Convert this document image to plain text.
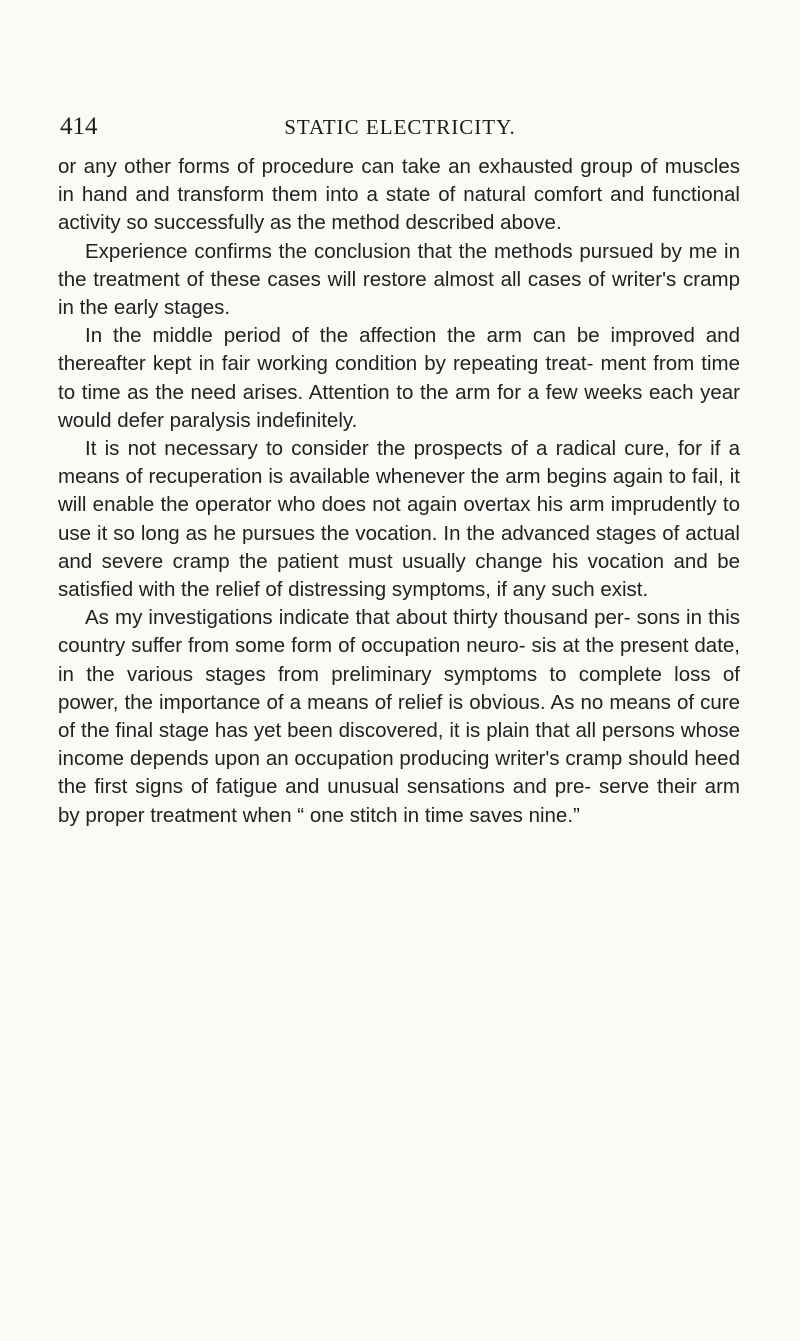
414	STATIC ELECTRICITY.

or any other forms of procedure can take an exhausted group of muscles in hand and transform them into a state of natural comfort and functional activity so successfully as the method described above.

Experience confirms the conclusion that the methods pursued by me in the treatment of these cases will restore almost all cases of writer's cramp in the early stages.

In the middle period of the affection the arm can be improved and thereafter kept in fair working condition by repeating treat- ment from time to time as the need arises. Attention to the arm for a few weeks each year would defer paralysis indefinitely.

It is not necessary to consider the prospects of a radical cure, for if a means of recuperation is available whenever the arm begins again to fail, it will enable the operator who does not again overtax his arm imprudently to use it so long as he pursues the vocation. In the advanced stages of actual and severe cramp the patient must usually change his vocation and be satisfied with the relief of distressing symptoms, if any such exist.

As my investigations indicate that about thirty thousand per- sons in this country suffer from some form of occupation neuro- sis at the present date, in the various stages from preliminary symptoms to complete loss of power, the importance of a means of relief is obvious. As no means of cure of the final stage has yet been discovered, it is plain that all persons whose income depends upon an occupation producing writer's cramp should heed the first signs of fatigue and unusual sensations and pre- serve their arm by proper treatment when “ one stitch in time saves nine.”
